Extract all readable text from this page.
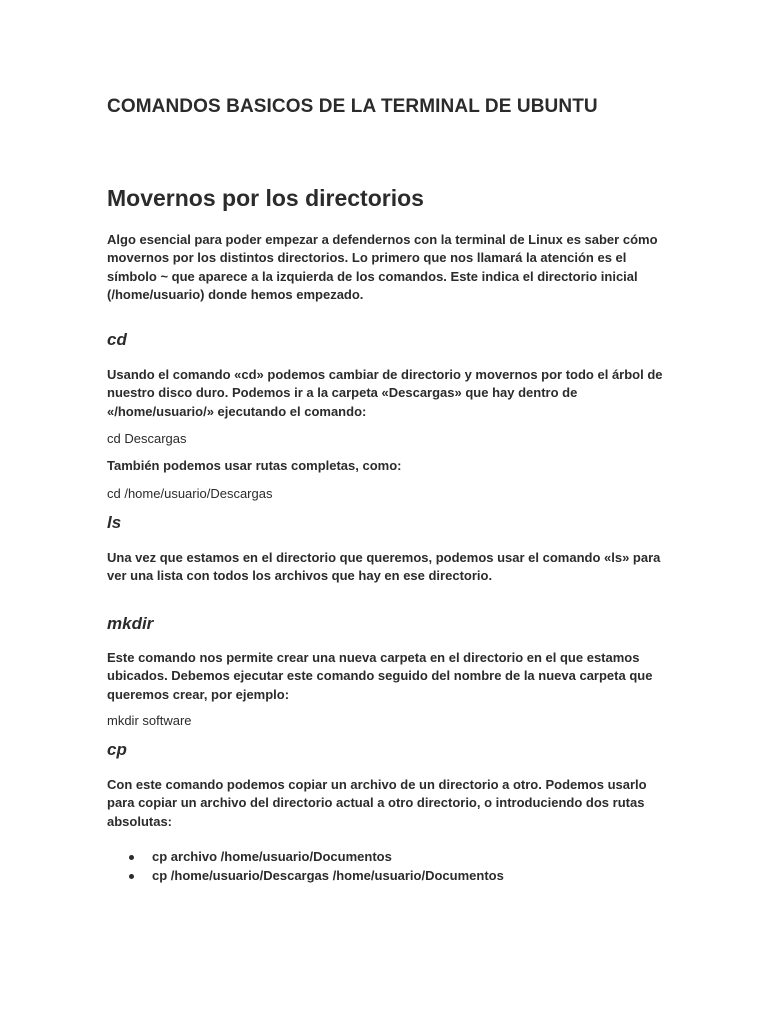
COMANDOS BASICOS DE LA TERMINAL DE UBUNTU
Movernos por los directorios

Algo esencial para poder empezar a defendernos con la terminal de Linux es saber cómo movernos por los distintos directorios. Lo primero que nos llamará la atención es el símbolo ~ que aparece a la izquierda de los comandos. Este indica el directorio inicial (/home/usuario) donde hemos empezado.

cd

Usando el comando «cd» podemos cambiar de directorio y movernos por todo el árbol de nuestro disco duro. Podemos ir a la carpeta «Descargas» que hay dentro de «/home/usuario/» ejecutando el comando:

cd Descargas

También podemos usar rutas completas, como:

cd /home/usuario/Descargas

ls

Una vez que estamos en el directorio que queremos, podemos usar el comando «ls» para ver una lista con todos los archivos que hay en ese directorio.

mkdir

Este comando nos permite crear una nueva carpeta en el directorio en el que estamos ubicados. Debemos ejecutar este comando seguido del nombre de la nueva carpeta que queremos crear, por ejemplo:

mkdir software

cp

Con este comando podemos copiar un archivo de un directorio a otro. Podemos usarlo para copiar un archivo del directorio actual a otro directorio, o introduciendo dos rutas absolutas:

cp archivo /home/usuario/Documentos
cp /home/usuario/Descargas /home/usuario/Documentos
